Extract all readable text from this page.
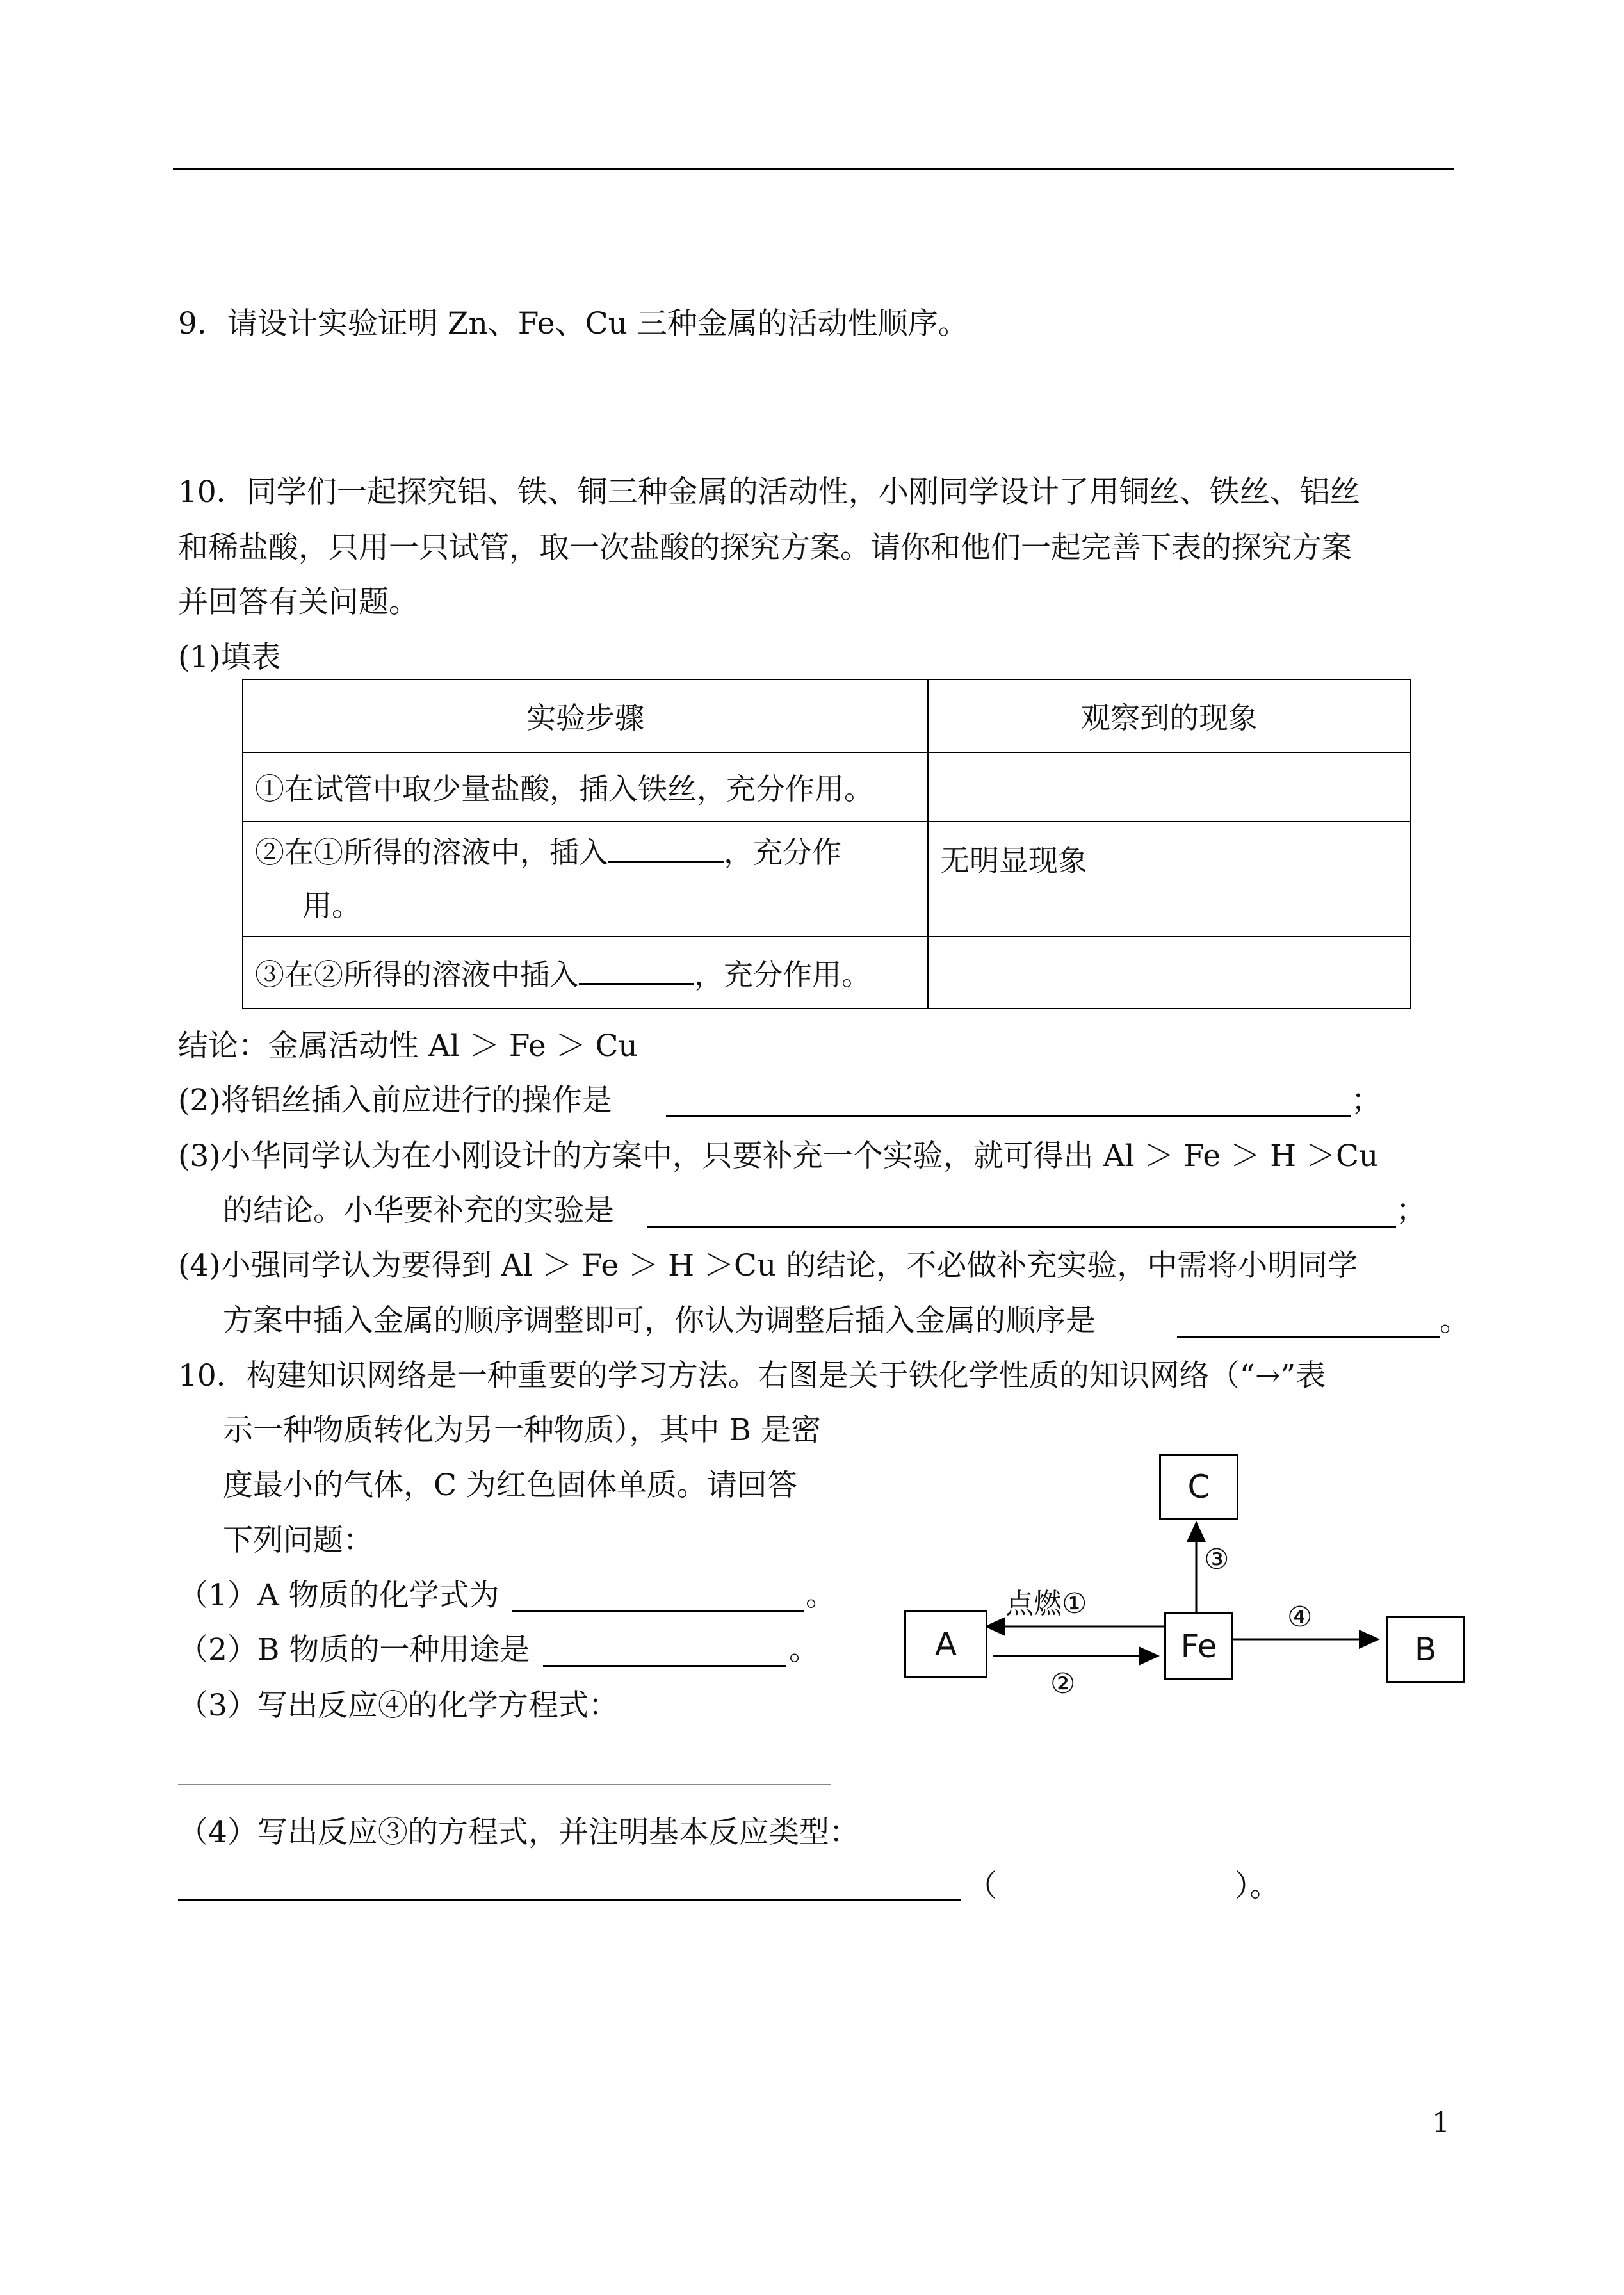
9．请设计实验证明 Zn、Fe、Cu 三种金属的活动性顺序。
10．同学们一起探究铝、铁、铜三种金属的活动性，小刚同学设计了用铜丝、铁丝、铝丝
和稀盐酸，只用一只试管，取一次盐酸的探究方案。请你和他们一起完善下表的探究方案
并回答有关问题。
(1)填表
实验步骤	观察到的现象
①在试管中取少量盐酸，插入铁丝，充分作用。	
②在①所得的溶液中，插入 ，充分作
用。	无明显现象
③在②所得的溶液中插入 ，充分作用。	
结论：金属活动性 Al ＞ Fe ＞ Cu
(2)将铝丝插入前应进行的操作是	；
(3)小华同学认为在小刚设计的方案中，只要补充一个实验，就可得出 Al ＞ Fe ＞ H ＞Cu
的结论。小华要补充的实验是	；
(4)小强同学认为要得到 Al ＞ Fe ＞ H ＞Cu 的结论，不必做补充实验，中需将小明同学
方案中插入金属的顺序调整即可，你认为调整后插入金属的顺序是	。
10．构建知识网络是一种重要的学习方法。右图是关于铁化学性质的知识网络（“→”表
示一种物质转化为另一种物质），其中 B 是密
度最小的气体，C 为红色固体单质。请回答
下列问题：
（1）A 物质的化学式为	。
（2）B 物质的一种用途是	。
（3）写出反应④的化学方程式：
（4）写出反应③的方程式，并注明基本反应类型：
（	）。
A	Fe	B
C
点燃①
②
③
④
1
